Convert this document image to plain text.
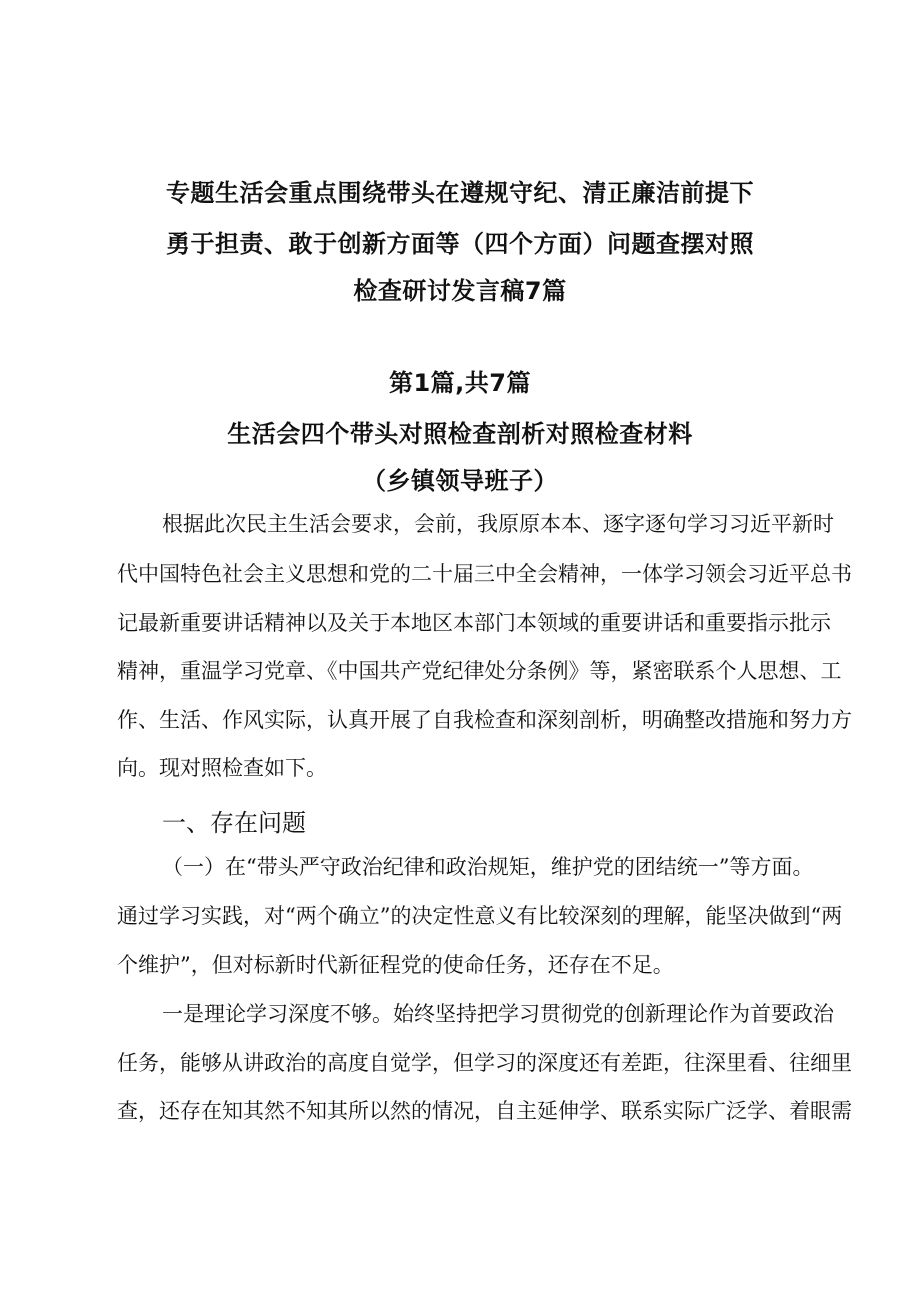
专题生活会重点围绕带头在遵规守纪、清正廉洁前提下
勇于担责、敢于创新方面等（四个方面）问题查摆对照
检查研讨发言稿7篇
第1篇,共7篇
生活会四个带头对照检查剖析对照检查材料
（乡镇领导班子）
根据此次民主生活会要求，会前，我原原本本、逐字逐句学习习近平新时
代中国特色社会主义思想和党的二十届三中全会精神，一体学习领会习近平总书
记最新重要讲话精神以及关于本地区本部门本领域的重要讲话和重要指示批示
精神，重温学习党章、《中国共产党纪律处分条例》等，紧密联系个人思想、工
作、生活、作风实际，认真开展了自我检查和深刻剖析，明确整改措施和努力方
向。现对照检查如下。
一、存在问题
（一）在“带头严守政治纪律和政治规矩，维护党的团结统一”等方面。
通过学习实践，对“两个确立”的决定性意义有比较深刻的理解，能坚决做到“两
个维护”，但对标新时代新征程党的使命任务，还存在不足。
一是理论学习深度不够。始终坚持把学习贯彻党的创新理论作为首要政治
任务，能够从讲政治的高度自觉学，但学习的深度还有差距，往深里看、往细里
查，还存在知其然不知其所以然的情况，自主延伸学、联系实际广泛学、着眼需
